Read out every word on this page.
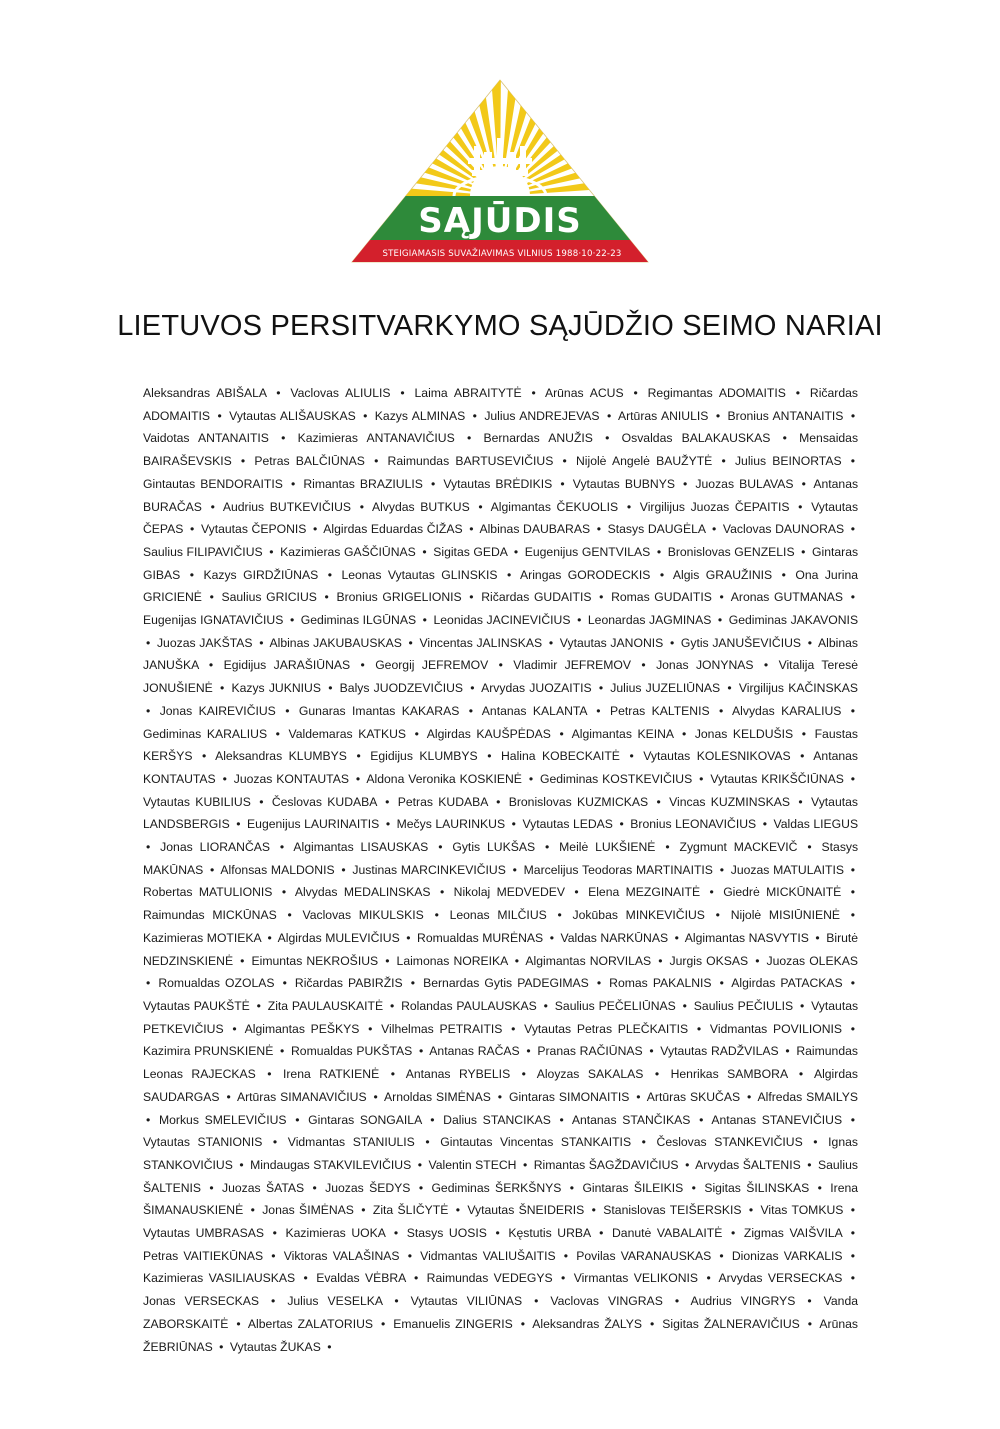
SĄJŪDIS
STEIGIAMASIS SUVAŽIAVIMAS VILNIUS 1988·10·22-23
LIETUVOS PERSITVARKYMO SĄJŪDŽIO SEIMO NARIAI

Aleksandras ABIŠALA • Vaclovas ALIULIS • Laima ABRAITYTĖ • Arūnas ACUS • Regimantas ADOMAITIS • Ričardas ADOMAITIS • Vytautas ALIŠAUSKAS • Kazys ALMINAS • Julius ANDREJEVAS • Artūras ANIULIS • Bronius ANTANAITIS • Vaidotas ANTANAITIS • Kazimieras ANTANAVIČIUS • Bernardas ANUŽIS • Osvaldas BALAKAUSKAS • Mensaidas BAIRAŠEVSKIS • Petras BALČIŪNAS • Raimundas BARTUSEVIČIUS • Nijolė Angelė BAUŽYTĖ • Julius BEINORTAS • Gintautas BENDORAITIS • Rimantas BRAZIULIS • Vytautas BRĖDIKIS • Vytautas BUBNYS • Juozas BULAVAS • Antanas BURAČAS • Audrius BUTKEVIČIUS • Alvydas BUTKUS • Algimantas ČEKUOLIS • Virgilijus Juozas ČEPAITIS • Vytautas ČEPAS • Vytautas ČEPONIS • Algirdas Eduardas ČIŽAS • Albinas DAUBARAS • Stasys DAUGĖLA • Vaclovas DAUNORAS • Saulius FILIPAVIČIUS • Kazimieras GAŠČIŪNAS • Sigitas GEDA • Eugenijus GENTVILAS • Bronislovas GENZELIS • Gintaras GIBAS • Kazys GIRDŽIŪNAS • Leonas Vytautas GLINSKIS • Aringas GORODECKIS • Algis GRAUŽINIS • Ona Jurina GRICIENĖ • Saulius GRICIUS • Bronius GRIGELIONIS • Ričardas GUDAITIS • Romas GUDAITIS • Aronas GUTMANAS • Eugenijas IGNATAVIČIUS • Gediminas ILGŪNAS • Leonidas JACINEVIČIUS • Leonardas JAGMINAS • Gediminas JAKAVONIS • Juozas JAKŠTAS • Albinas JAKUBAUSKAS • Vincentas JALINSKAS • Vytautas JANONIS • Gytis JANUŠEVIČIUS • Albinas JANUŠKA • Egidijus JARAŠIŪNAS • Georgij JEFREMOV • Vladimir JEFREMOV • Jonas JONYNAS • Vitalija Teresė JONUŠIENĖ • Kazys JUKNIUS • Balys JUODZEVIČIUS • Arvydas JUOZAITIS • Julius JUZELIŪNAS • Virgilijus KAČINSKAS • Jonas KAIREVIČIUS • Gunaras Imantas KAKARAS • Antanas KALANTA • Petras KALTENIS • Alvydas KARALIUS • Gediminas KARALIUS • Valdemaras KATKUS • Algirdas KAUŠPĖDAS • Algimantas KEINA • Jonas KELDUŠIS • Faustas KERŠYS • Aleksandras KLUMBYS • Egidijus KLUMBYS • Halina KOBECKAITĖ • Vytautas KOLESNIKOVAS • Antanas KONTAUTAS • Juozas KONTAUTAS • Aldona Veronika KOSKIENĖ • Gediminas KOSTKEVIČIUS • Vytautas KRIKŠČIŪNAS • Vytautas KUBILIUS • Česlovas KUDABA • Petras KUDABA • Bronislovas KUZMICKAS • Vincas KUZMINSKAS • Vytautas LANDSBERGIS • Eugenijus LAURINAITIS • Mečys LAURINKUS • Vytautas LEDAS • Bronius LEONAVIČIUS • Valdas LIEGUS • Jonas LIORANČAS • Algimantas LISAUSKAS • Gytis LUKŠAS • Meilė LUKŠIENĖ • Zygmunt MACKEVIČ • Stasys MAKŪNAS • Alfonsas MALDONIS • Justinas MARCINKEVIČIUS • Marcelijus Teodoras MARTINAITIS • Juozas MATULAITIS • Robertas MATULIONIS • Alvydas MEDALINSKAS • Nikolaj MEDVEDEV • Elena MEZGINAITĖ • Giedrė MICKŪNAITĖ • Raimundas MICKŪNAS • Vaclovas MIKULSKIS • Leonas MILČIUS • Jokūbas MINKEVIČIUS • Nijolė MISIŪNIENĖ • Kazimieras MOTIEKA • Algirdas MULEVIČIUS • Romualdas MURĖNAS • Valdas NARKŪNAS • Algimantas NASVYTIS • Birutė NEDZINSKIENĖ • Eimuntas NEKROŠIUS • Laimonas NOREIKA • Algimantas NORVILAS • Jurgis OKSAS • Juozas OLEKAS • Romualdas OZOLAS • Ričardas PABIRŽIS • Bernardas Gytis PADEGIMAS • Romas PAKALNIS • Algirdas PATACKAS • Vytautas PAUKŠTĖ • Zita PAULAUSKAITĖ • Rolandas PAULAUSKAS • Saulius PEČELIŪNAS • Saulius PEČIULIS • Vytautas PETKEVIČIUS • Algimantas PEŠKYS • Vilhelmas PETRAITIS • Vytautas Petras PLEČKAITIS • Vidmantas POVILIONIS • Kazimira PRUNSKIENĖ • Romualdas PUKŠTAS • Antanas RAČAS • Pranas RAČIŪNAS • Vytautas RADŽVILAS • Raimundas Leonas RAJECKAS • Irena RATKIENĖ • Antanas RYBELIS • Aloyzas SAKALAS • Henrikas SAMBORA • Algirdas SAUDARGAS • Artūras SIMANAVIČIUS • Arnoldas SIMĖNAS • Gintaras SIMONAITIS • Artūras SKUČAS • Alfredas SMAILYS • Morkus SMELEVIČIUS • Gintaras SONGAILA • Dalius STANCIKAS • Antanas STANČIKAS • Antanas STANEVIČIUS • Vytautas STANIONIS • Vidmantas STANIULIS • Gintautas Vincentas STANKAITIS • Česlovas STANKEVIČIUS • Ignas STANKOVIČIUS • Mindaugas STAKVILEVIČIUS • Valentin STECH • Rimantas ŠAGŽDAVIČIUS • Arvydas ŠALTENIS • Saulius ŠALTENIS • Juozas ŠATAS • Juozas ŠEDYS • Gediminas ŠERKŠNYS • Gintaras ŠILEIKIS • Sigitas ŠILINSKAS • Irena ŠIMANAUSKIENĖ • Jonas ŠIMĖNAS • Zita ŠLIČYTĖ • Vytautas ŠNEIDERIS • Stanislovas TEIŠERSKIS • Vitas TOMKUS • Vytautas UMBRASAS • Kazimieras UOKA • Stasys UOSIS • Kęstutis URBA • Danutė VABALAITĖ • Zigmas VAIŠVILA • Petras VAITIEKŪNAS • Viktoras VALAŠINAS • Vidmantas VALIUŠAITIS • Povilas VARANAUSKAS • Dionizas VARKALIS • Kazimieras VASILIAUSKAS • Evaldas VĖBRA • Raimundas VEDEGYS • Virmantas VELIKONIS • Arvydas VERSECKAS • Jonas VERSECKAS • Julius VESELKA • Vytautas VILIŪNAS • Vaclovas VINGRAS • Audrius VINGRYS • Vanda ZABORSKAITĖ • Albertas ZALATORIUS • Emanuelis ZINGERIS • Aleksandras ŽALYS • Sigitas ŽALNERAVIČIUS • Arūnas ŽEBRIŪNAS • Vytautas ŽUKAS •
